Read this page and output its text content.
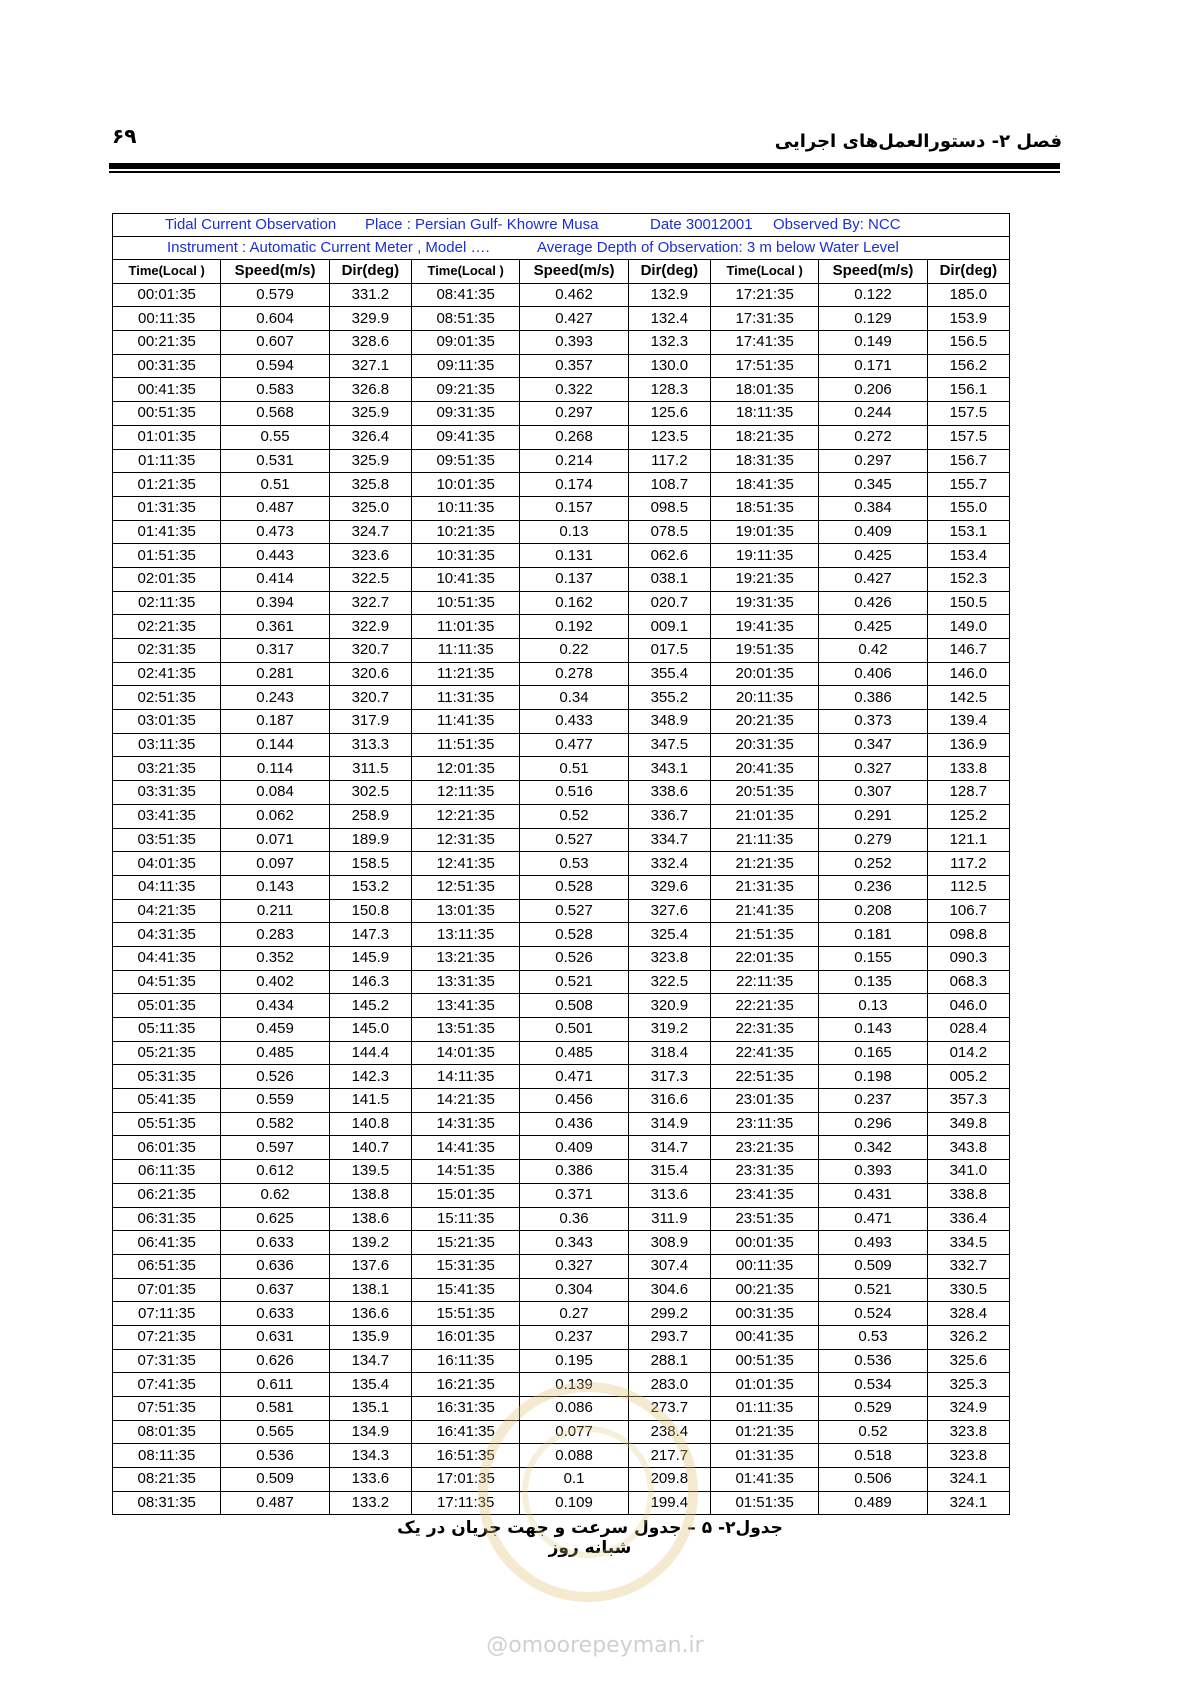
۶۹	فصل ۲- دستورالعمل‌های اجرایی
Tidal Current Observation Place : Persian Gulf- Khowre Musa Date 30012001 Observed By: NCC								

Instrument : Automatic Current Meter , Model …. Average Depth of Observation: 3 m below Water Level								

Time(Local )	Speed(m/s)	Dir(deg)	Time(Local )	Speed(m/s)	Dir(deg)	Time(Local )	Speed(m/s)	Dir(deg)
00:01:35	0.579	331.2	08:41:35	0.462	132.9	17:21:35	0.122	185.0
00:11:35	0.604	329.9	08:51:35	0.427	132.4	17:31:35	0.129	153.9
00:21:35	0.607	328.6	09:01:35	0.393	132.3	17:41:35	0.149	156.5
00:31:35	0.594	327.1	09:11:35	0.357	130.0	17:51:35	0.171	156.2
00:41:35	0.583	326.8	09:21:35	0.322	128.3	18:01:35	0.206	156.1
00:51:35	0.568	325.9	09:31:35	0.297	125.6	18:11:35	0.244	157.5
01:01:35	0.55	326.4	09:41:35	0.268	123.5	18:21:35	0.272	157.5
01:11:35	0.531	325.9	09:51:35	0.214	117.2	18:31:35	0.297	156.7
01:21:35	0.51	325.8	10:01:35	0.174	108.7	18:41:35	0.345	155.7
01:31:35	0.487	325.0	10:11:35	0.157	098.5	18:51:35	0.384	155.0
01:41:35	0.473	324.7	10:21:35	0.13	078.5	19:01:35	0.409	153.1
01:51:35	0.443	323.6	10:31:35	0.131	062.6	19:11:35	0.425	153.4
02:01:35	0.414	322.5	10:41:35	0.137	038.1	19:21:35	0.427	152.3
02:11:35	0.394	322.7	10:51:35	0.162	020.7	19:31:35	0.426	150.5
02:21:35	0.361	322.9	11:01:35	0.192	009.1	19:41:35	0.425	149.0
02:31:35	0.317	320.7	11:11:35	0.22	017.5	19:51:35	0.42	146.7
02:41:35	0.281	320.6	11:21:35	0.278	355.4	20:01:35	0.406	146.0
02:51:35	0.243	320.7	11:31:35	0.34	355.2	20:11:35	0.386	142.5
03:01:35	0.187	317.9	11:41:35	0.433	348.9	20:21:35	0.373	139.4
03:11:35	0.144	313.3	11:51:35	0.477	347.5	20:31:35	0.347	136.9
03:21:35	0.114	311.5	12:01:35	0.51	343.1	20:41:35	0.327	133.8
03:31:35	0.084	302.5	12:11:35	0.516	338.6	20:51:35	0.307	128.7
03:41:35	0.062	258.9	12:21:35	0.52	336.7	21:01:35	0.291	125.2
03:51:35	0.071	189.9	12:31:35	0.527	334.7	21:11:35	0.279	121.1
04:01:35	0.097	158.5	12:41:35	0.53	332.4	21:21:35	0.252	117.2
04:11:35	0.143	153.2	12:51:35	0.528	329.6	21:31:35	0.236	112.5
04:21:35	0.211	150.8	13:01:35	0.527	327.6	21:41:35	0.208	106.7
04:31:35	0.283	147.3	13:11:35	0.528	325.4	21:51:35	0.181	098.8
04:41:35	0.352	145.9	13:21:35	0.526	323.8	22:01:35	0.155	090.3
04:51:35	0.402	146.3	13:31:35	0.521	322.5	22:11:35	0.135	068.3
05:01:35	0.434	145.2	13:41:35	0.508	320.9	22:21:35	0.13	046.0
05:11:35	0.459	145.0	13:51:35	0.501	319.2	22:31:35	0.143	028.4
05:21:35	0.485	144.4	14:01:35	0.485	318.4	22:41:35	0.165	014.2
05:31:35	0.526	142.3	14:11:35	0.471	317.3	22:51:35	0.198	005.2
05:41:35	0.559	141.5	14:21:35	0.456	316.6	23:01:35	0.237	357.3
05:51:35	0.582	140.8	14:31:35	0.436	314.9	23:11:35	0.296	349.8
06:01:35	0.597	140.7	14:41:35	0.409	314.7	23:21:35	0.342	343.8
06:11:35	0.612	139.5	14:51:35	0.386	315.4	23:31:35	0.393	341.0
06:21:35	0.62	138.8	15:01:35	0.371	313.6	23:41:35	0.431	338.8
06:31:35	0.625	138.6	15:11:35	0.36	311.9	23:51:35	0.471	336.4
06:41:35	0.633	139.2	15:21:35	0.343	308.9	00:01:35	0.493	334.5
06:51:35	0.636	137.6	15:31:35	0.327	307.4	00:11:35	0.509	332.7
07:01:35	0.637	138.1	15:41:35	0.304	304.6	00:21:35	0.521	330.5
07:11:35	0.633	136.6	15:51:35	0.27	299.2	00:31:35	0.524	328.4
07:21:35	0.631	135.9	16:01:35	0.237	293.7	00:41:35	0.53	326.2
07:31:35	0.626	134.7	16:11:35	0.195	288.1	00:51:35	0.536	325.6
07:41:35	0.611	135.4	16:21:35	0.139	283.0	01:01:35	0.534	325.3
07:51:35	0.581	135.1	16:31:35	0.086	273.7	01:11:35	0.529	324.9
08:01:35	0.565	134.9	16:41:35	0.077	238.4	01:21:35	0.52	323.8
08:11:35	0.536	134.3	16:51:35	0.088	217.7	01:31:35	0.518	323.8
08:21:35	0.509	133.6	17:01:35	0.1	209.8	01:41:35	0.506	324.1
08:31:35	0.487	133.2	17:11:35	0.109	199.4	01:51:35	0.489	324.1
جدول۲- ۵ – جدول سرعت و جهت جریان در یک شبانه روز
@omoorepeyman.ir
